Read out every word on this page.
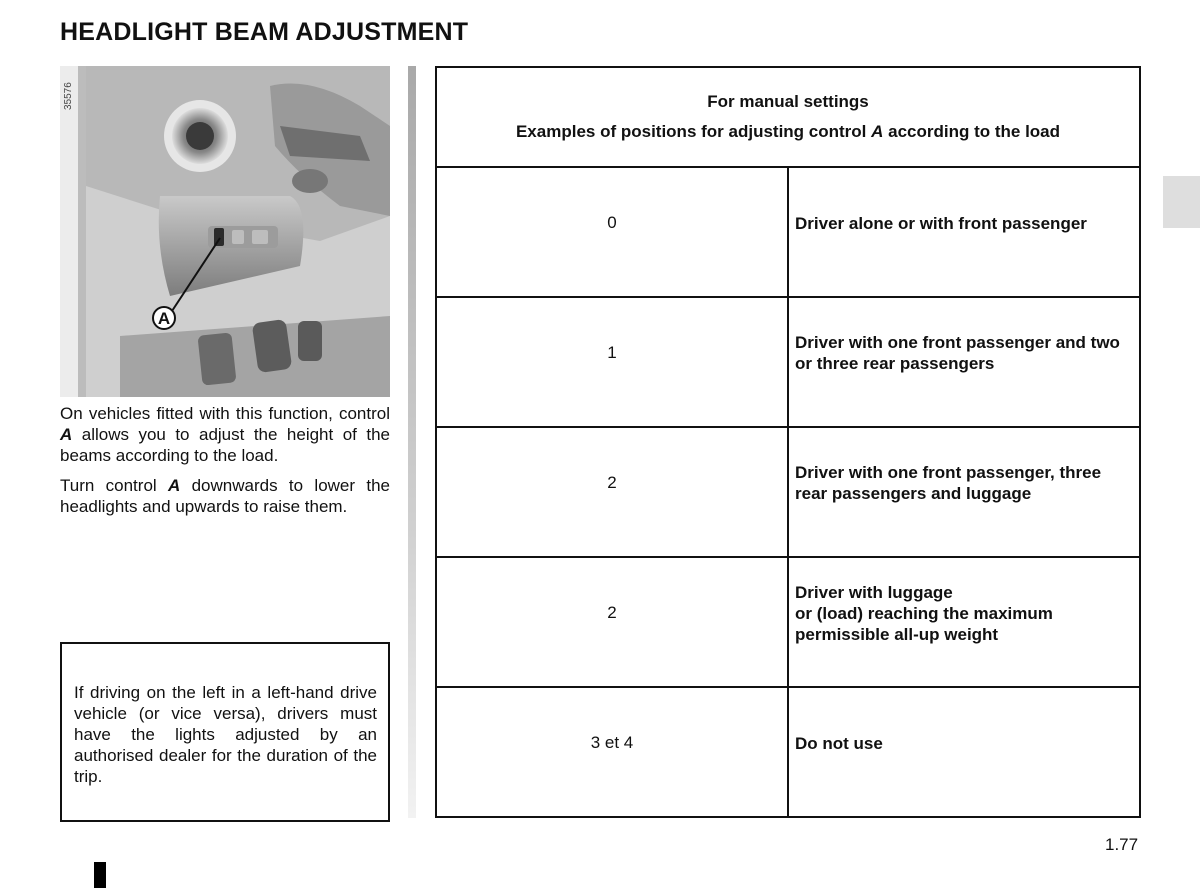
HEADLIGHT BEAM ADJUSTMENT
A
35576
On vehicles fitted with this function, control A allows you to adjust the height of the beams according to the load.
Turn control A downwards to lower the headlights and upwards to raise them.
If driving on the left in a left-hand drive vehicle (or vice versa), drivers must have the lights adjusted by an authorised dealer for the duration of the trip.
For manual settings
Examples of positions for adjusting control A according to the load	

0	Driver alone or with front passenger
1	Driver with one front passenger and two or three rear passengers
2	Driver with one front passenger, three rear passengers and luggage
2	Driver with luggage
or (load) reaching the maximum permissible all-up weight
3 et 4	Do not use
1.77
